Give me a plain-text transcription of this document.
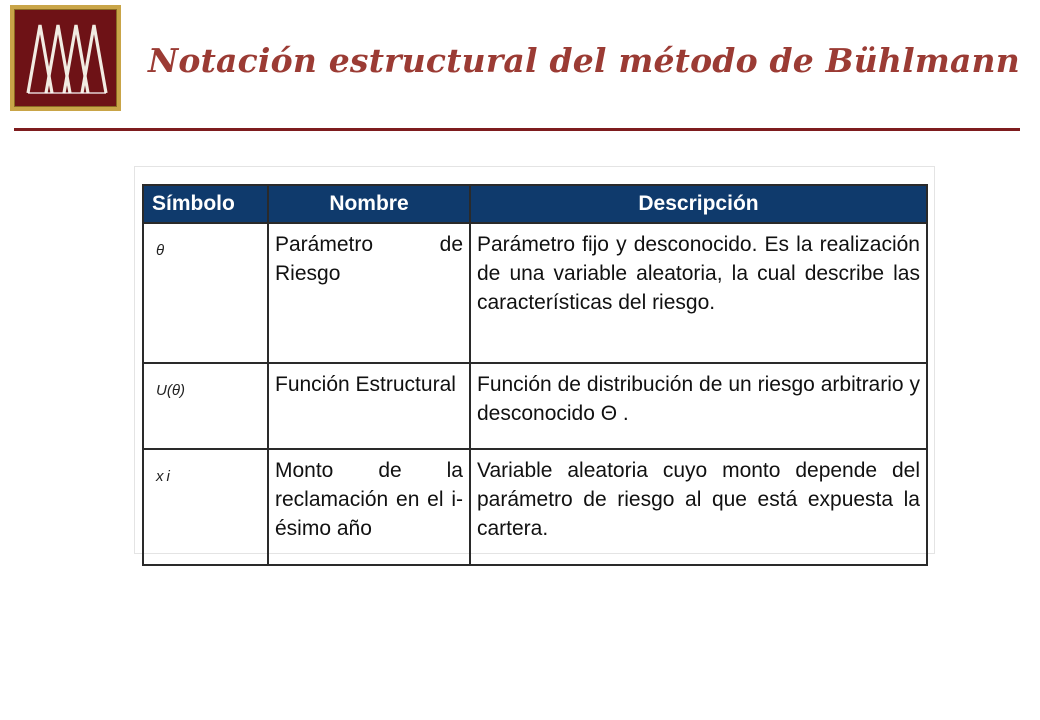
Notación estructural del método de Bühlmann
Símbolo	Nombre	Descripción
θ	Parámetro de Riesgo	Parámetro fijo y desconocido. Es la realización de una variable aleatoria, la cual describe las características del riesgo.
U(θ)	Función Estructural	Función de distribución de un riesgo arbitrario y desconocido Θ .
x i	Monto de la reclamación en el i-ésimo año	Variable aleatoria cuyo monto depende del parámetro de riesgo al que está expuesta la cartera.
